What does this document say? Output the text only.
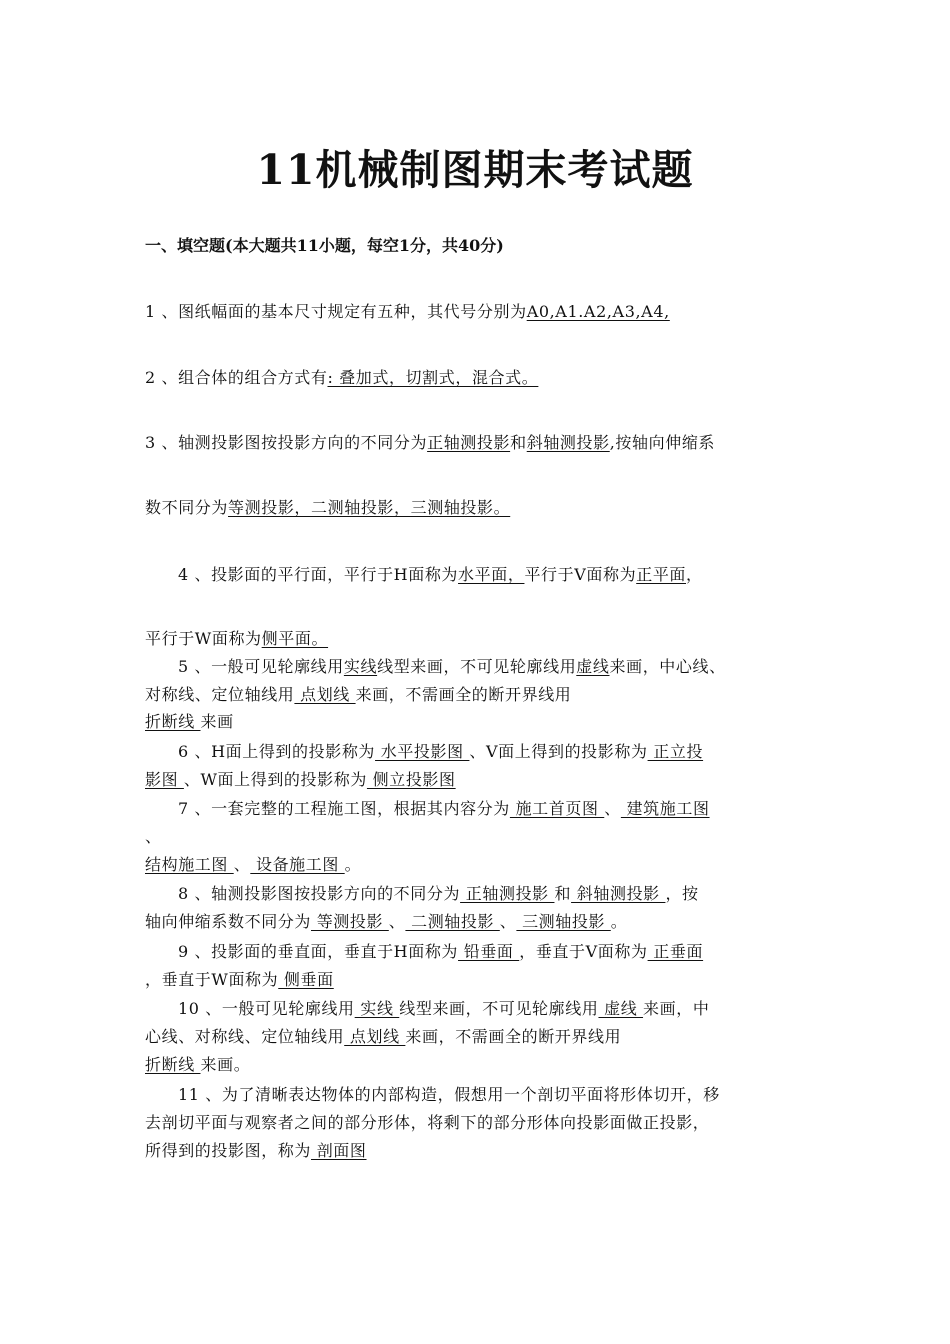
11机械制图期末考试题
一、填空题(本大题共11小题，每空1分，共40分)
1 、图纸幅面的基本尺寸规定有五种，其代号分别为A0,A1.A2,A3,A4,
2 、组合体的组合方式有: 叠加式，切割式，混合式。
3 、轴测投影图按投影方向的不同分为正轴测投影和斜轴测投影,按轴向伸缩系
数不同分为等测投影，二测轴投影，三测轴投影。
4 、投影面的平行面，平行于H面称为水平面，平行于V面称为正平面，
平行于W面称为侧平面。
5 、一般可见轮廓线用实线线型来画，不可见轮廓线用虚线来画，中心线、
对称线、定位轴线用 点划线 来画，不需画全的断开界线用
折断线 来画
6 、H面上得到的投影称为 水平投影图 、V面上得到的投影称为 正立投
影图 、W面上得到的投影称为 侧立投影图
7 、一套完整的工程施工图，根据其内容分为 施工首页图 、 建筑施工图
、
结构施工图 、 设备施工图 。
8 、轴测投影图按投影方向的不同分为 正轴测投影 和 斜轴测投影 ，按
轴向伸缩系数不同分为 等测投影 、 二测轴投影 、 三测轴投影 。
9 、投影面的垂直面，垂直于H面称为 铅垂面 ，垂直于V面称为 正垂面
，垂直于W面称为 侧垂面
10 、一般可见轮廓线用 实线 线型来画，不可见轮廓线用 虚线 来画，中
心线、对称线、定位轴线用 点划线 来画，不需画全的断开界线用
折断线 来画。
11 、为了清晰表达物体的内部构造，假想用一个剖切平面将形体切开，移
去剖切平面与观察者之间的部分形体，将剩下的部分形体向投影面做正投影，
所得到的投影图，称为 剖面图
